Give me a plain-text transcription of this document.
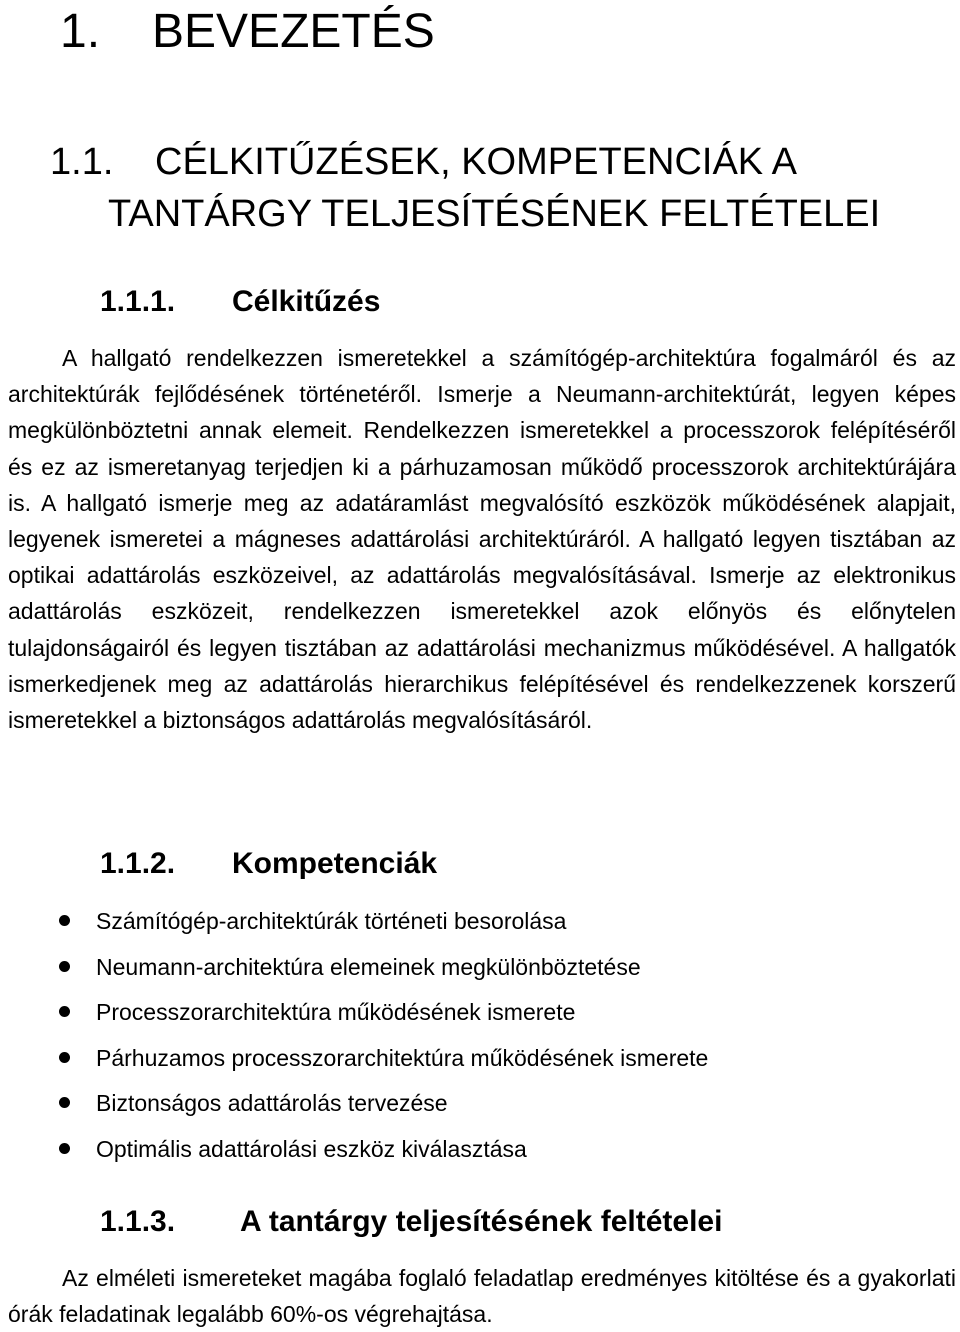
1. BEVEZETÉS
1.1. CÉLKITŰZÉSEK, KOMPETENCIÁK A
TANTÁRGY TELJESÍTÉSÉNEK FELTÉTELEI
1.1.1. Célkitűzés

A hallgató rendelkezzen ismeretekkel a számítógép-architektúra fogalmáról és az architektúrák fejlődésének történetéről. Ismerje a Neumann-architektúrát, legyen képes megkülönböztetni annak elemeit. Rendelkezzen ismeretekkel a processzorok felépítéséről és ez az ismeretanyag terjedjen ki a párhuzamosan működő processzorok architektúrájára is. A hallgató ismerje meg az adatáramlást megvalósító eszközök működésének alapjait, legyenek ismeretei a mágneses adattárolási architektúráról. A hallgató legyen tisztában az optikai adattárolás eszközeivel, az adattárolás megvalósításával. Ismerje az elektronikus adattárolás eszközeit, rendelkezzen ismeretekkel azok előnyös és előnytelen tulajdonságairól és legyen tisztában az adattárolási mechanizmus működésével. A hallgatók ismerkedjenek meg az adattárolás hierarchikus felépítésével és rendelkezzenek korszerű ismeretekkel a biztonságos adattárolás megvalósításáról.

1.1.2. Kompetenciák
Számítógép-architektúrák történeti besorolása
Neumann-architektúra elemeinek megkülönböztetése
Processzorarchitektúra működésének ismerete
Párhuzamos processzorarchitektúra működésének ismerete
Biztonságos adattárolás tervezése
Optimális adattárolási eszköz kiválasztása
1.1.3. A tantárgy teljesítésének feltételei

Az elméleti ismereteket magába foglaló feladatlap eredményes kitöltése és a gyakorlati órák feladatinak legalább 60%-os végrehajtása.
